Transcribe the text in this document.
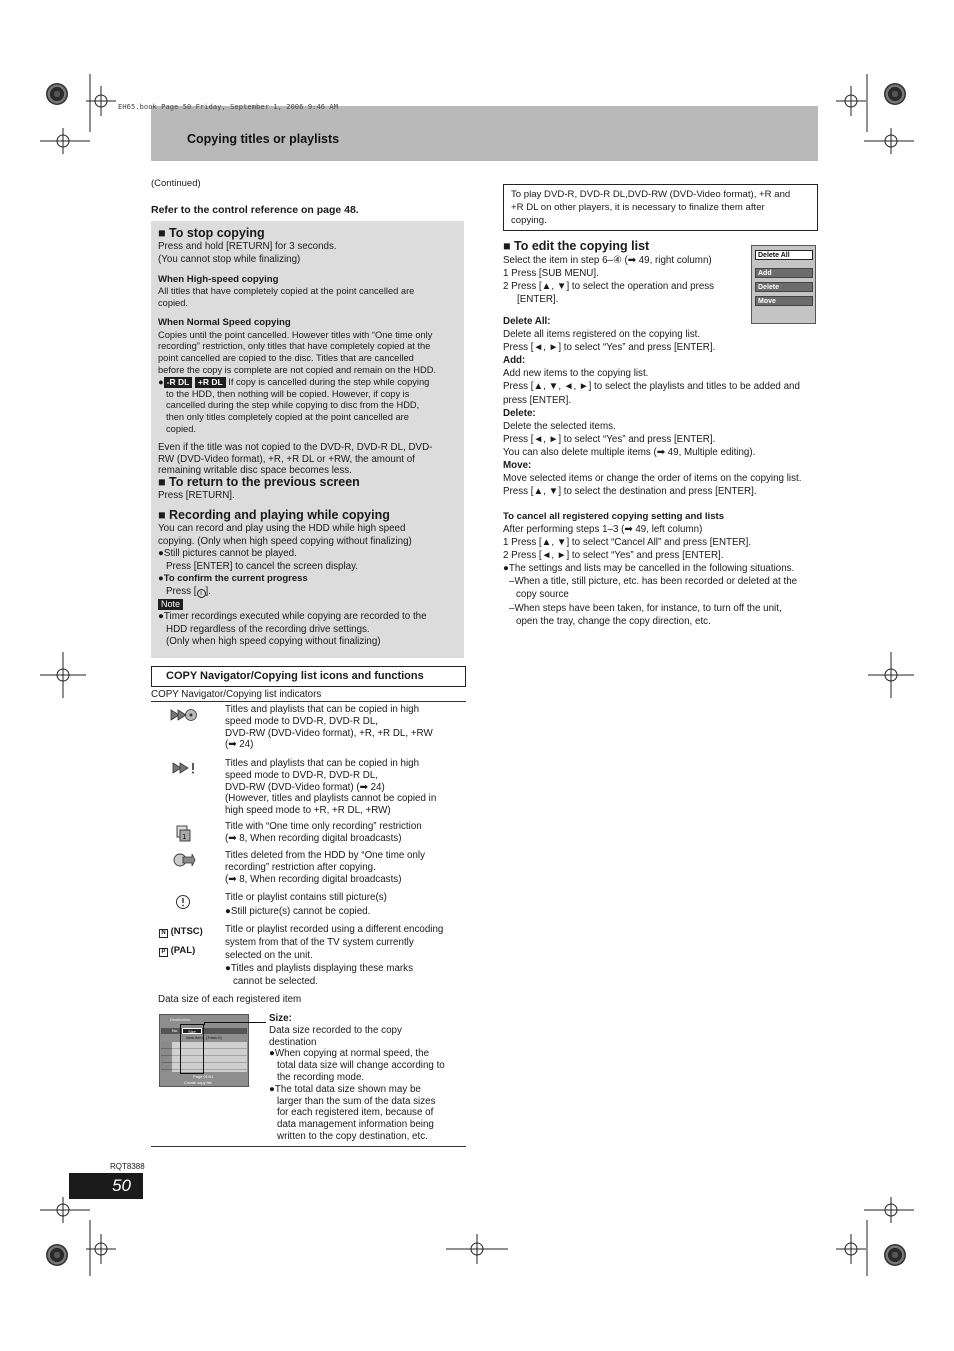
Copying titles or playlists
EH65.book Page 50 Friday, September 1, 2006 9:46 AM
(Continued)
Refer to the control reference on page 48.
■ To stop copying
Press and hold [RETURN] for 3 seconds.
(You cannot stop while finalizing)
When High-speed copying
All titles that have completely copied at the point cancelled are
copied.
When Normal Speed copying
Copies until the point cancelled. However titles with “One time only
recording” restriction, only titles that have completely copied at the
point cancelled are copied to the disc. Titles that are cancelled
before the copy is complete are not copied and remain on the HDD.
● -R DL +R DL If copy is cancelled during the step while copying
to the HDD, then nothing will be copied. However, if copy is
cancelled during the step while copying to disc from the HDD,
then only titles completely copied at the point cancelled are
copied.
Even if the title was not copied to the DVD-R, DVD-R DL, DVD-
RW (DVD-Video format), +R, +R DL or +RW, the amount of
remaining writable disc space becomes less.
■ To return to the previous screen
Press [RETURN].
■ Recording and playing while copying
You can record and play using the HDD while high speed
copying. (Only when high speed copying without finalizing)
●Still pictures cannot be played.
Press [ENTER] to cancel the screen display.
●To confirm the current progress
Press [ i ].
Note
●Timer recordings executed while copying are recorded to the
HDD regardless of the recording drive settings.
(Only when high speed copying without finalizing)
COPY Navigator/Copying list icons and functions
COPY Navigator/Copying list indicators
1
N (NTSC)
P (PAL)
Titles and playlists that can be copied in high
speed mode to DVD-R, DVD-R DL,
DVD-RW (DVD-Video format), +R, +R DL, +RW
(➡ 24)
Titles and playlists that can be copied in high
speed mode to DVD-R, DVD-R DL,
DVD-RW (DVD-Video format) (➡ 24)
(However, titles and playlists cannot be copied in
high speed mode to +R, +R DL, +RW)
Title with “One time only recording” restriction
(➡ 8, When recording digital broadcasts)
Titles deleted from the HDD by “One time only
recording” restriction after copying.
(➡ 8, When recording digital broadcasts)
Title or playlist contains still picture(s)
●Still picture(s) cannot be copied.
Title or playlist recorded using a different encoding
system from that of the TV system currently
selected on the unit.
●Titles and playlists displaying these marks
cannot be selected.
Data size of each registered item
Destination
No.	Size
New item (Total=0)
Page 01/01
Create copy list
Size:
Data size recorded to the copy
destination
●When copying at normal speed, the
total data size will change according to
the recording mode.
●The total data size shown may be
larger than the sum of the data sizes
for each registered item, because of
data management information being
written to the copy destination, etc.
To play DVD-R, DVD-R DL,DVD-RW (DVD-Video format), +R and
+R DL on other players, it is necessary to finalize them after
copying.
■ To edit the copying list
Select the item in step 6–④ (➡ 49, right column)
1 Press [SUB MENU].
2 Press [▲, ▼] to select the operation and press
[ENTER].
Delete All
Add
Delete
Move
Delete All:
Delete all items registered on the copying list.
Press [◄, ►] to select “Yes” and press [ENTER].
Add:
Add new items to the copying list.
Press [▲, ▼, ◄, ►] to select the playlists and titles to be added and
press [ENTER].
Delete:
Delete the selected items.
Press [◄, ►] to select “Yes” and press [ENTER].
You can also delete multiple items (➡ 49, Multiple editing).
Move:
Move selected items or change the order of items on the copying list.
Press [▲, ▼] to select the destination and press [ENTER].
To cancel all registered copying setting and lists
After performing steps 1–3 (➡ 49, left column)
1 Press [▲, ▼] to select “Cancel All” and press [ENTER].
2 Press [◄, ►] to select “Yes” and press [ENTER].
●The settings and lists may be cancelled in the following situations.
–When a title, still picture, etc. has been recorded or deleted at the
copy source
–When steps have been taken, for instance, to turn off the unit,
open the tray, change the copy direction, etc.
RQT8388
50
